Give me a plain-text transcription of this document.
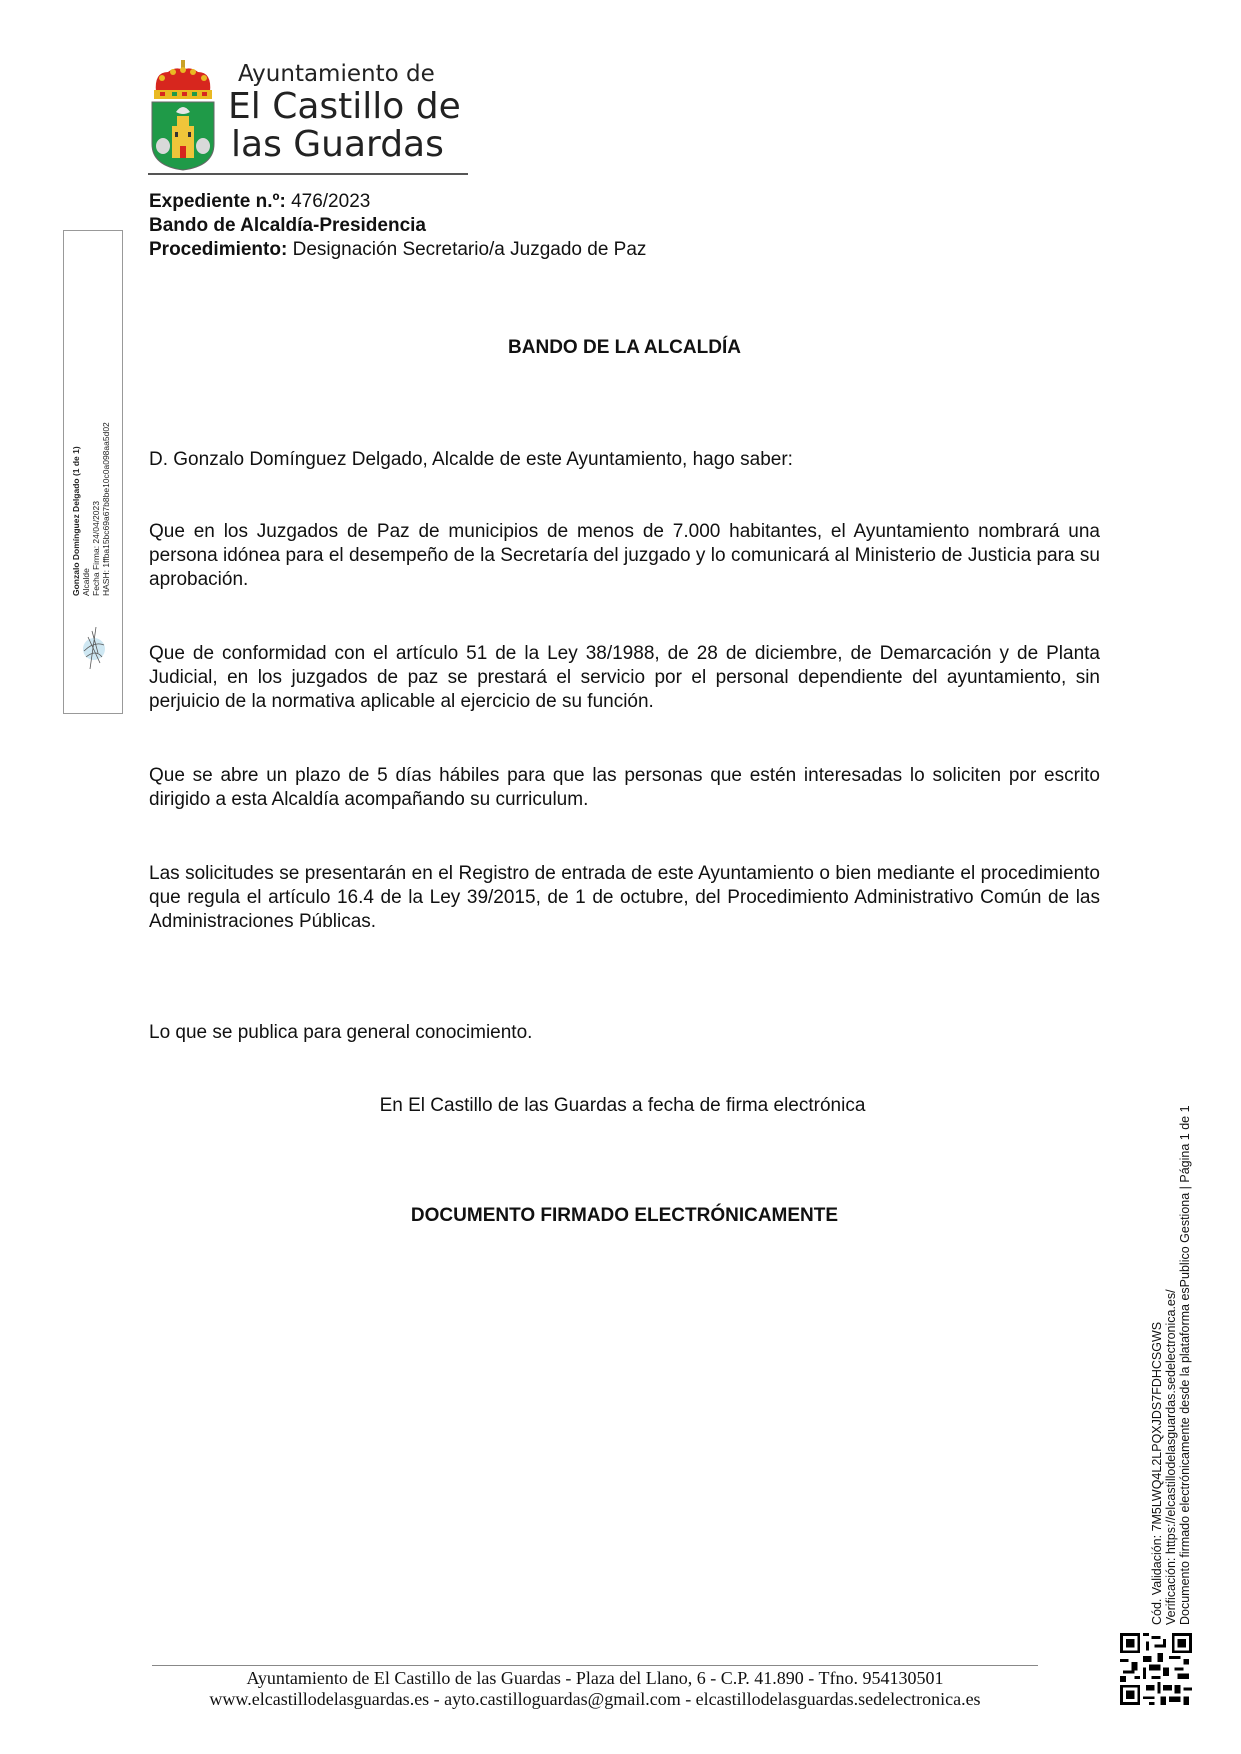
Ayuntamiento de
El Castillo de
las Guardas
Expediente n.º: 476/2023
Bando de Alcaldía-Presidencia
Procedimiento: Designación Secretario/a Juzgado de Paz
BANDO DE LA ALCALDÍA
D. Gonzalo Domínguez Delgado, Alcalde de este Ayuntamiento, hago saber:
Que en los Juzgados de Paz de municipios de menos de 7.000 habitantes, el Ayuntamiento nombrará una persona idónea para el desempeño de la Secretaría del juzgado y lo comunicará al Ministerio de Justicia para su aprobación.
Que de conformidad con el artículo 51 de la Ley 38/1988, de 28 de diciembre, de Demarcación y de Planta Judicial, en los juzgados de paz se prestará el servicio por el personal dependiente del ayuntamiento, sin perjuicio de la normativa aplicable al ejercicio de su función.
Que se abre un plazo de 5 días hábiles para que las personas que estén interesadas lo soliciten por escrito dirigido a esta Alcaldía acompañando su curriculum.
Las solicitudes se presentarán en el Registro de entrada de este Ayuntamiento o bien mediante el procedimiento que regula el artículo 16.4 de la Ley 39/2015, de 1 de octubre, del Procedimiento Administrativo Común de las Administraciones Públicas.
Lo que se publica para general conocimiento.
En El Castillo de las Guardas a fecha de firma electrónica
DOCUMENTO FIRMADO ELECTRÓNICAMENTE
Gonzalo Domínguez Delgado (1 de 1) Alcalde Fecha Firma: 24/04/2023 HASH: 1ffba15bc69a67b8be10c0a098aa5d02
Cód. Validación: 7M5LWQ4L2LPQXJDS7FDHCSGWS Verificación: https://elcastillodelasguardas.sedelectronica.es/ Documento firmado electrónicamente desde la plataforma esPublico Gestiona | Página 1 de 1
Ayuntamiento de El Castillo de las Guardas - Plaza del Llano, 6 - C.P. 41.890 - Tfno. 954130501
www.elcastillodelasguardas.es - ayto.castilloguardas@gmail.com - elcastillodelasguardas.sedelectronica.es
